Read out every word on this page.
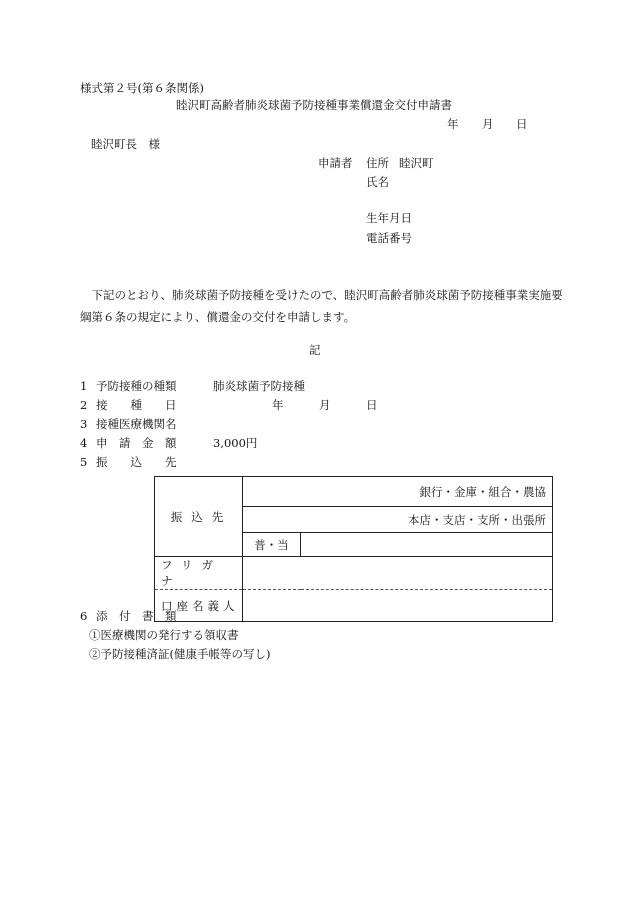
様式第２号(第６条関係)
睦沢町高齢者肺炎球菌予防接種事業償還金交付申請書
年 月 日
睦沢町長　様
申請者 住所 睦沢町
氏名
生年月日
電話番号
　下記のとおり、肺炎球菌予防接種を受けたので、睦沢町高齢者肺炎球菌予防接種事業実施要綱第６条の規定により、償還金の交付を申請します。
記
1 予防接種の種類	肺炎球菌予防接種
2 接　　種　　日	年	月	日
3 接種医療機関名
4 申　請　金　額	3,000円
5 振　　込　　先
振込先	銀行・金庫・組合・農協	
	本店・支店・支所・出張所	
	普・当	
フリガナ		
口座名義人		
6 添　付　書　類
①医療機関の発行する領収書
②予防接種済証(健康手帳等の写し)
